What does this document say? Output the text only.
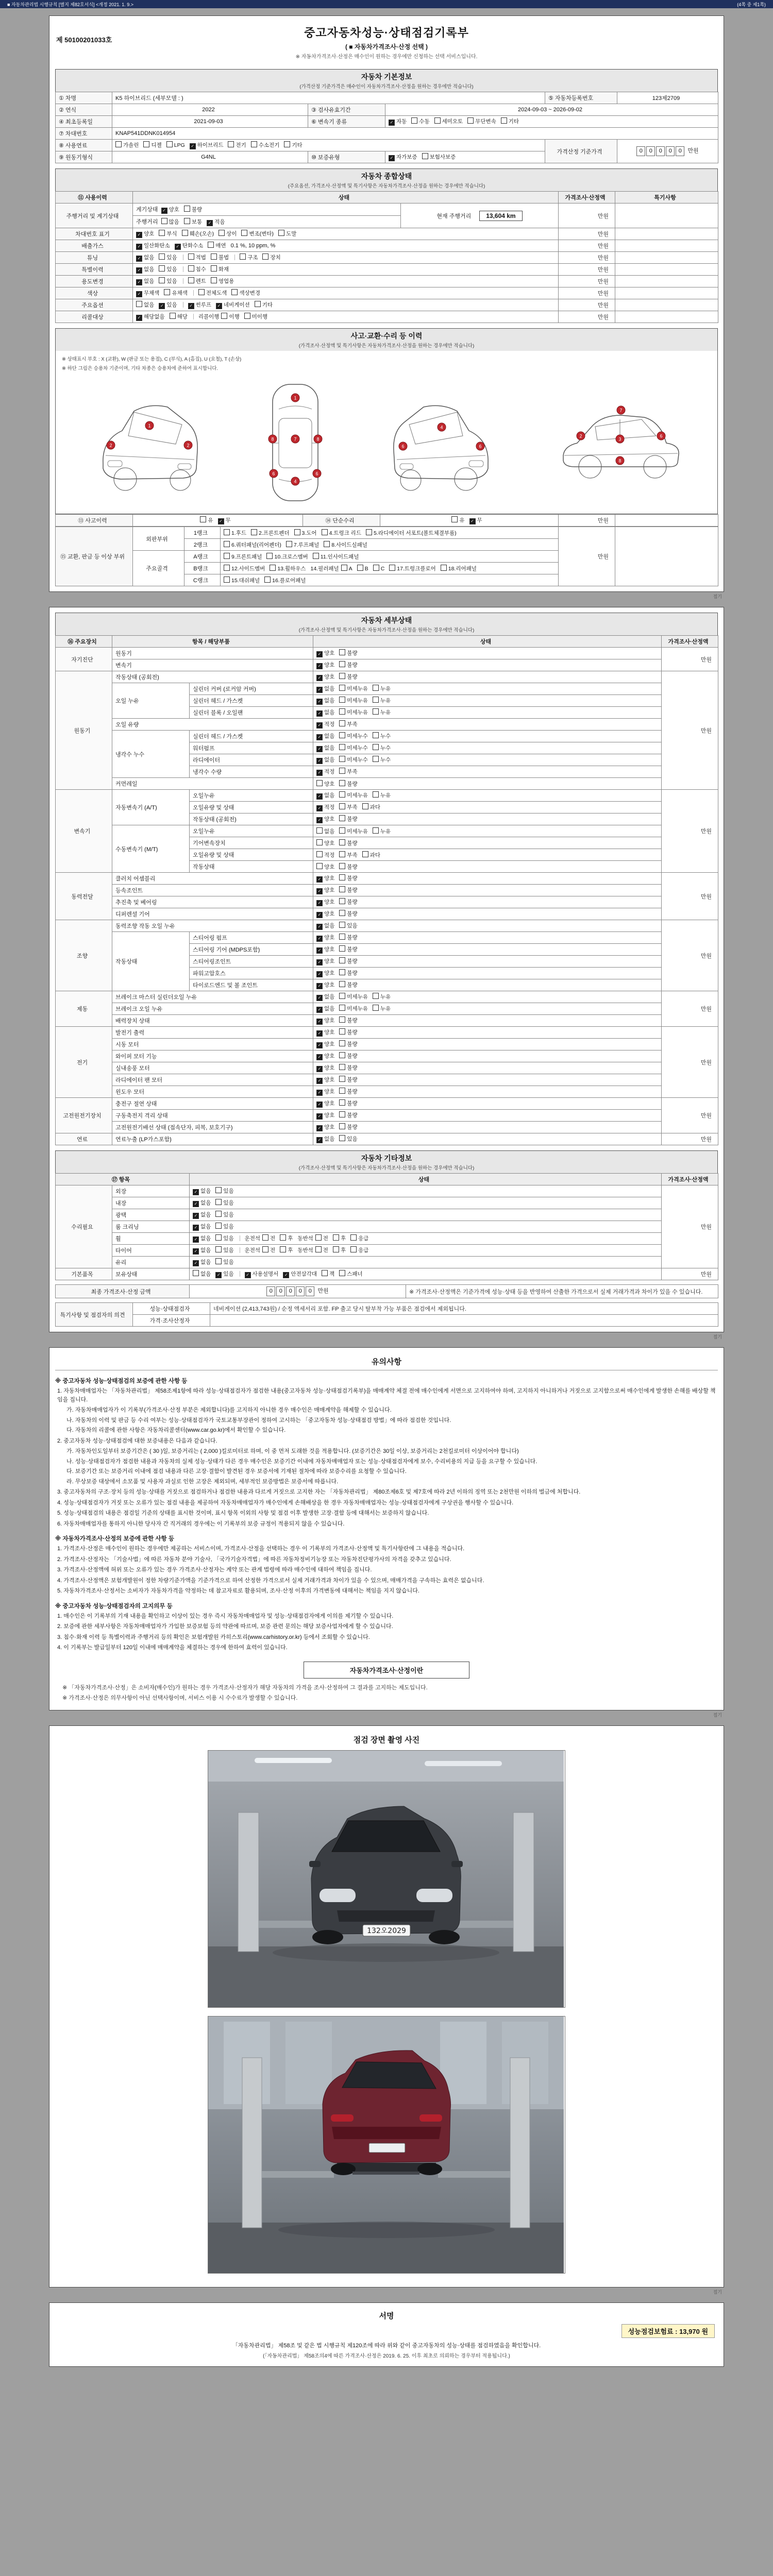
■ 자동차관리법 시행규칙 [별지 제82호서식] <개정 2021. 1. 9.>	(4쪽 중 제1쪽)
제 50100201033호
중고자동차성능·상태점검기록부
( ■ 자동차가격조사·산정 선택 )
※ 자동차가격조사·산정은 매수인이 원하는 경우에만 신청하는 선택 서비스입니다.
자동차 기본정보
(가격산정 기준가격은 매수인이 자동차가격조사·산정을 원하는 경우에만 적습니다)
① 차명	K5 하이브리드 (세부모델 : )			⑤ 자동차등록번호	123제2709
② 연식	2022	③ 검사유효기간	2024-09-03 ~ 2026-09-02		
④ 최초등록일	2021-09-03	⑥ 변속기 종류	✓ 자동 수동 세미오토 무단변속 기타		
⑦ 차대번호	KNAP541DDNK014954				
⑧ 사용연료	가솔린 디젤 LPG ✓ 하이브리드 전기 수소전기 기타			가격산정 기준가격	0 0 0 0 0 만원
⑨ 원동기형식	G4NL	⑩ 보증유형	✓ 자가보증 보험사보증		
자동차 종합상태
(주요옵션, 가격조사·산정액 및 특기사항은 자동차가격조사·산정을 원하는 경우에만 적습니다)
⑪ 사용이력	상태		가격조사·산정액	특기사항
주행거리 및 계기상태	계기상태 ✓ 양호 불량	현재 주행거리 13,604 km	만원	
	주행거리 많음 보통 ✓ 적음			
차대번호 표기	✓ 양호 부식 훼손(오손) 상이 변조(변타) 도말		만원	
배출가스	✓ 일산화탄소 ✓ 탄화수소 매연 0.1 %, 10 ppm, %		만원	
튜닝	✓ 없음 있음 적법 불법 구조 장치		만원	
특별이력	✓ 없음 있음 침수 화재		만원	
용도변경	✓ 없음 있음 렌트 영업용		만원	
색상	✓ 무채색 유채색 전체도색 색상변경		만원	
주요옵션	없음 ✓ 있음 ✓ 썬루프 ✓ 네비게이션 기타		만원	
리콜대상	✓ 해당없음 해당 리콜이행 이행 미이행		만원	
사고·교환·수리 등 이력
(가격조사·산정액 및 특기사항은 자동차가격조사·산정을 원하는 경우에만 적습니다)
※ 상태표시 부호 : X (교환), W (판금 또는 용접), C (부식), A (흠집), U (요철), T (손상)
※ 하단 그림은 승용차 기준이며, 기타 차종은 승용차에 준하여 표시합니다.
1
2	2
1
7
4
8	8
6	6
4
6	6
2
3
6
7
8
⑬ 사고이력	유 ✓ 무	⑭ 단순수리	유 ✓ 무	만원	
⑮ 교환, 판금 등 이상 부위	외판부위	1랭크	1.후드 2.프론트펜더 3.도어 4.트렁크 리드 5.라디에이터 서포트(볼트체결부품)	만원	
		2랭크	6.쿼터패널(리어펜더) 7.루프패널 8.사이드실패널		
	주요골격	A랭크	9.프론트패널 10.크로스멤버 11.인사이드패널		
		B랭크	12.사이드멤버 13.휠하우스 14.필러패널 A B C 17.트렁크플로어 18.리어패널		
		C랭크	15.대쉬패널 16.플로어패널		
접기
자동차 세부상태
(가격조사·산정액 및 특기사항은 자동차가격조사·산정을 원하는 경우에만 적습니다)
⑯ 주요장치	항목 / 해당부품		상태	가격조사·산정액
자기진단	원동기		✓ 양호 불량	만원
	변속기		✓ 양호 불량	
원동기	작동상태 (공회전)		✓ 양호 불량	만원
	오일 누유	실린더 커버 (로커암 커버)	✓ 없음 미세누유 누유	
		실린더 헤드 / 가스켓	✓ 없음 미세누유 누유	
		실린더 블록 / 오일팬	✓ 없음 미세누유 누유	
	오일 유량		✓ 적정 부족	
	냉각수 누수	실린더 헤드 / 가스켓	✓ 없음 미세누수 누수	
		워터펌프	✓ 없음 미세누수 누수	
		라디에이터	✓ 없음 미세누수 누수	
		냉각수 수량	✓ 적정 부족	
	커먼레일		양호 불량	
변속기	자동변속기 (A/T)	오일누유	✓ 없음 미세누유 누유	만원
		오일유량 및 상태	✓ 적정 부족 과다	
		작동상태 (공회전)	✓ 양호 불량	
	수동변속기 (M/T)	오일누유	없음 미세누유 누유	
		기어변속장치	양호 불량	
		오일유량 및 상태	적정 부족 과다	
		작동상태	양호 불량	
동력전달	클러치 어셈블리		✓ 양호 불량	만원
	등속조인트		✓ 양호 불량	
	추진축 및 베어링		✓ 양호 불량	
	디퍼렌셜 기어		✓ 양호 불량	
조향	동력조향 작동 오일 누유		✓ 없음 있음	만원
	작동상태	스티어링 펌프	✓ 양호 불량	
		스티어링 기어 (MDPS포함)	✓ 양호 불량	
		스티어링조인트	✓ 양호 불량	
		파워고압호스	✓ 양호 불량	
		타이로드엔드 및 볼 조인트	✓ 양호 불량	
제동	브레이크 마스터 실린더오일 누유		✓ 없음 미세누유 누유	만원
	브레이크 오일 누유		✓ 없음 미세누유 누유	
	배력장치 상태		✓ 양호 불량	
전기	발전기 출력		✓ 양호 불량	만원
	시동 모터		✓ 양호 불량	
	와이퍼 모터 기능		✓ 양호 불량	
	실내송풍 모터		✓ 양호 불량	
	라디에이터 팬 모터		✓ 양호 불량	
	윈도우 모터		✓ 양호 불량	
고전원전기장치	충전구 절연 상태		✓ 양호 불량	만원
	구동축전지 격리 상태		✓ 양호 불량	
	고전원전기배선 상태 (접속단자, 피복, 보호기구)		✓ 양호 불량	
연료	연료누출 (LP가스포함)		✓ 없음 있음	만원
자동차 기타정보
(가격조사·산정액 및 특기사항은 자동차가격조사·산정을 원하는 경우에만 적습니다)
⑰ 항목		상태	가격조사·산정액
수리필요	외장	✓ 없음 있음	만원
	내장	✓ 없음 있음	
	광택	✓ 없음 있음	
	룸 크리닝	✓ 없음 있음	
	휠	✓ 없음 있음 운전석 전 후 동반석 전 후 응급	
	타이어	✓ 없음 있음 운전석 전 후 동반석 전 후 응급	
	유리	✓ 없음 있음	
기본품목	보유상태	없음 ✓ 있음 ✓ 사용설명서 ✓ 안전삼각대 잭 스패너	만원
최종 가격조사·산정 금액	0 0 0 0 0 만원	※ 가격조사·산정액은 기준가격에 성능·상태 등을 반영하여 산출한 가격으로서 실제 거래가격과 차이가 있을 수 있습니다.
특기사항 및 점검자의 의견	성능·상태점검자	네비게이션 (2,413,743원) / 순정 액세서리 포함. FP 출고 당시 탈부착 가능 부품은 점검에서 제외됩니다.
	가격·조사산정자	
접기
유의사항

※ 중고자동차 성능·상태점검의 보증에 관한 사항 등

1. 자동차매매업자는 「자동차관리법」 제58조제1항에 따라 성능·상태점검자가 점검한 내용(중고자동차 성능·상태점검기록부)을 매매계약 체결 전에 매수인에게 서면으로 고지하여야 하며, 고지하지 아니하거나 거짓으로 고지함으로써 매수인에게 발생한 손해를 배상할 책임을 집니다.

가. 자동차매매업자가 이 기록부(가격조사·산정 부분은 제외합니다)를 고지하지 아니한 경우 매수인은 매매계약을 해제할 수 있습니다.

나. 자동차의 이력 및 판금 등 수리 여부는 성능·상태점검자가 국토교통부장관이 정하여 고시하는 「중고자동차 성능·상태점검 방법」에 따라 점검한 것입니다.

다. 자동차의 리콜에 관한 사항은 자동차리콜센터(www.car.go.kr)에서 확인할 수 있습니다.

2. 중고자동차 성능·상태점검에 대한 보증내용은 다음과 같습니다.

가. 자동차인도일부터 보증기간은 ( 30 )일, 보증거리는 ( 2,000 )킬로미터로 하며, 이 중 먼저 도래한 것을 적용합니다. (보증기간은 30일 이상, 보증거리는 2천킬로미터 이상이어야 합니다)

나. 성능·상태점검자가 점검한 내용과 자동차의 실제 성능·상태가 다른 경우 매수인은 보증기간 이내에 자동차매매업자 또는 성능·상태점검자에게 보수, 수리비용의 지급 등을 요구할 수 있습니다.

다. 보증기간 또는 보증거리 이내에 점검 내용과 다른 고장·결함이 발견된 경우 보증서에 기재된 절차에 따라 보증수리를 요청할 수 있습니다.

라. 무상보증 대상에서 소모품 및 사용자 과실로 인한 고장은 제외되며, 세부적인 보증방법은 보증서에 따릅니다.

3. 중고자동차의 구조·장치 등의 성능·상태를 거짓으로 점검하거나 점검한 내용과 다르게 거짓으로 고지한 자는 「자동차관리법」 제80조제6호 및 제7호에 따라 2년 이하의 징역 또는 2천만원 이하의 벌금에 처합니다.

4. 성능·상태점검자가 거짓 또는 오류가 있는 점검 내용을 제공하여 자동차매매업자가 매수인에게 손해배상을 한 경우 자동차매매업자는 성능·상태점검자에게 구상권을 행사할 수 있습니다.

5. 성능·상태점검의 내용은 점검일 기준의 상태를 표시한 것이며, 표시 항목 이외의 사항 및 점검 이후 발생한 고장·결함 등에 대해서는 보증하지 않습니다.

6. 자동차매매업자를 통하지 아니한 당사자 간 직거래의 경우에는 이 기록부의 보증 규정이 적용되지 않을 수 있습니다.

※ 자동차가격조사·산정의 보증에 관한 사항 등

1. 가격조사·산정은 매수인이 원하는 경우에만 제공하는 서비스이며, 가격조사·산정을 선택하는 경우 이 기록부의 가격조사·산정액 및 특기사항란에 그 내용을 적습니다.

2. 가격조사·산정자는 「기술사법」에 따른 자동차 분야 기술사, 「국가기술자격법」에 따른 자동차정비기능장 또는 자동차진단평가사의 자격을 갖추고 있습니다.

3. 가격조사·산정액에 허위 또는 오류가 있는 경우 가격조사·산정자는 계약 또는 관계 법령에 따라 매수인에 대하여 책임을 집니다.

4. 가격조사·산정액은 보험개발원이 정한 차량기준가액을 기준가격으로 하여 산정한 가격으로서 실제 거래가격과 차이가 있을 수 있으며, 매매가격을 구속하는 효력은 없습니다.

5. 자동차가격조사·산정서는 소비자가 자동차가격을 약정하는 데 참고자료로 활용되며, 조사·산정 이후의 가격변동에 대해서는 책임을 지지 않습니다.

※ 중고자동차 성능·상태점검자의 고지의무 등

1. 매수인은 이 기록부의 기재 내용을 확인하고 이상이 있는 경우 즉시 자동차매매업자 및 성능·상태점검자에게 이의를 제기할 수 있습니다.

2. 보증에 관한 세부사항은 자동차매매업자가 가입한 보증보험 등의 약관에 따르며, 보증 관련 문의는 해당 보증사업자에게 할 수 있습니다.

3. 침수·화재 이력 등 특별이력과 주행거리 등의 확인은 보험개발원 카히스토리(www.carhistory.or.kr) 등에서 조회할 수 있습니다.

4. 이 기록부는 발급일부터 120일 이내에 매매계약을 체결하는 경우에 한하여 효력이 있습니다.

자동차가격조사·산정이란

※ 「자동차가격조사·산정」은 소비자(매수인)가 원하는 경우 가격조사·산정자가 해당 자동차의 가격을 조사·산정하여 그 결과를 고지하는 제도입니다.

※ 가격조사·산정은 의무사항이 아닌 선택사항이며, 서비스 이용 시 수수료가 발생할 수 있습니다.

접기
점검 장면 촬영 사진
132오2029
접기
서명
성능점검보험료 : 13,970 원

「자동차관리법」 제58조 및 같은 법 시행규칙 제120조에 따라 위와 같이 중고자동차의 성능·상태를 점검하였음을 확인합니다.

(「자동차관리법」 제58조의4에 따른 가격조사·산정은 2019. 6. 25. 이후 최초로 의뢰하는 경우부터 적용됩니다.)
